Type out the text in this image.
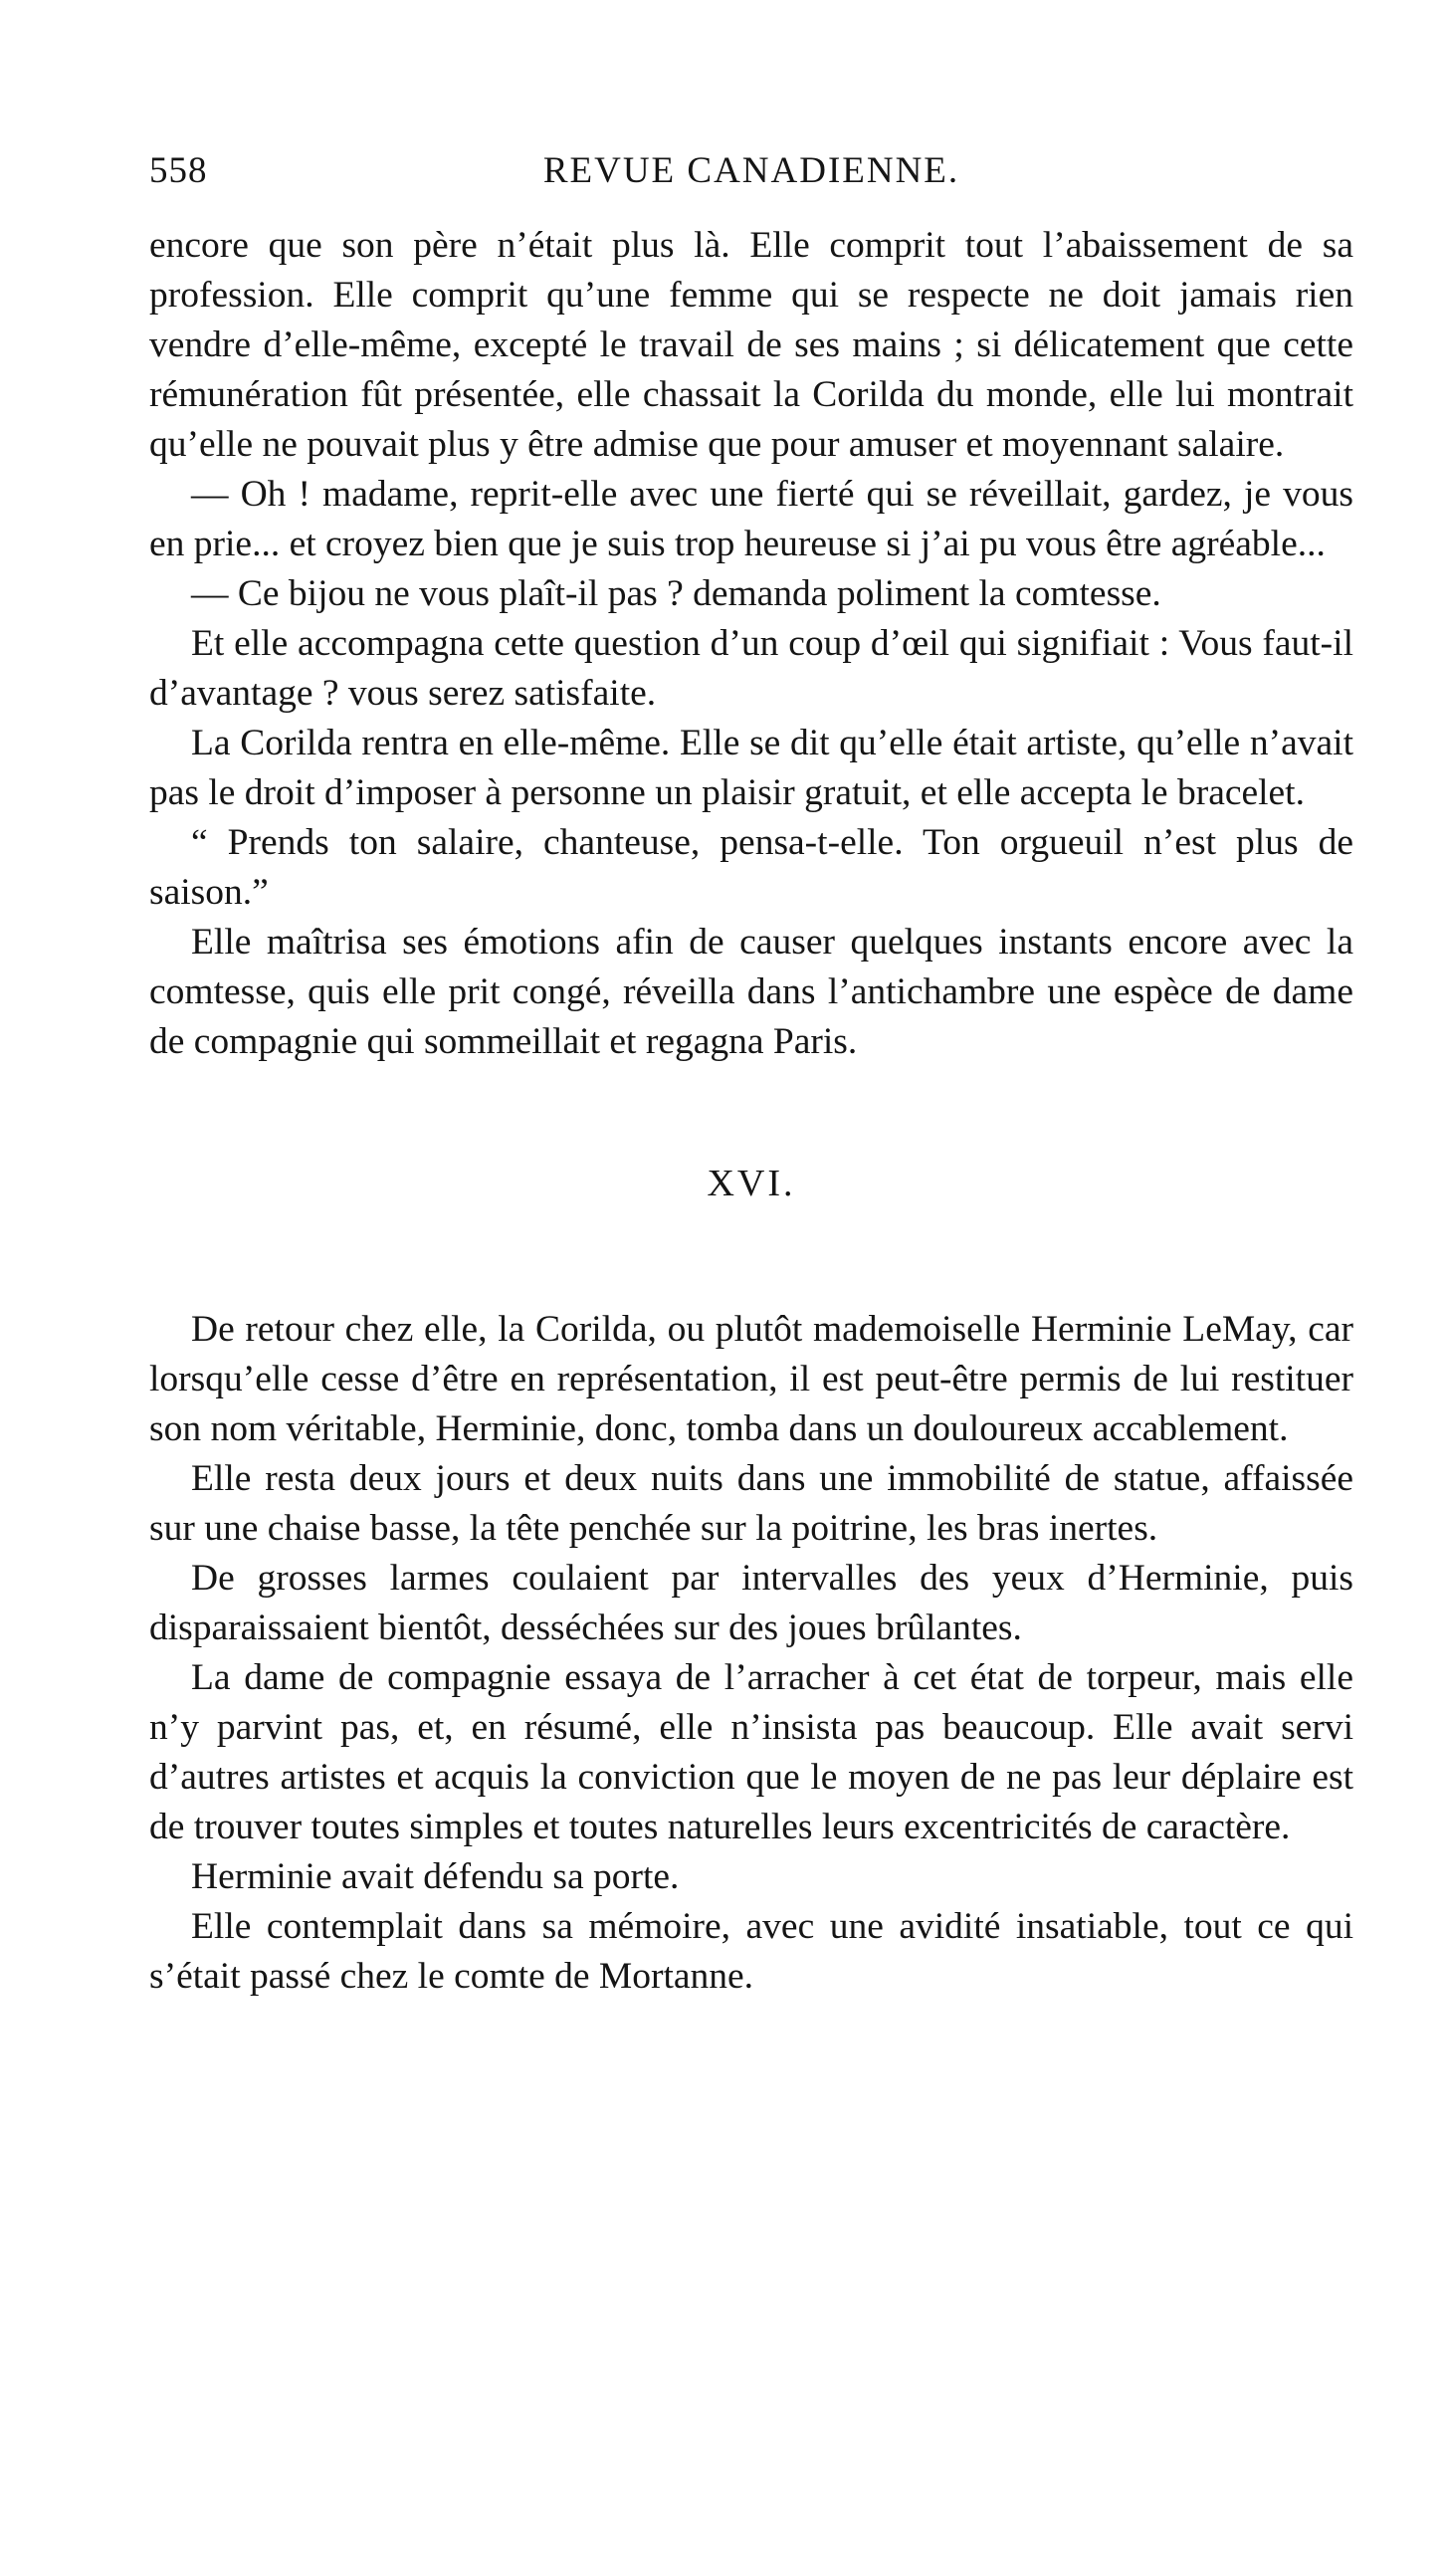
558	REVUE CANADIENNE.

encore que son père n’était plus là. Elle comprit tout l’abaissement de sa profession. Elle comprit qu’une femme qui se respecte ne doit jamais rien vendre d’elle-même, excepté le travail de ses mains ; si délicatement que cette rémunération fût présentée, elle chassait la Corilda du monde, elle lui montrait qu’elle ne pouvait plus y être admise que pour amuser et moyennant salaire.

— Oh ! madame, reprit-elle avec une fierté qui se réveillait, gardez, je vous en prie... et croyez bien que je suis trop heureuse si j’ai pu vous être agréable...

— Ce bijou ne vous plaît-il pas ? demanda poliment la comtesse.

Et elle accompagna cette question d’un coup d’œil qui signifiait : Vous faut-il d’avantage ? vous serez satisfaite.

La Corilda rentra en elle-même. Elle se dit qu’elle était artiste, qu’elle n’avait pas le droit d’imposer à personne un plaisir gratuit, et elle accepta le bracelet.

“ Prends ton salaire, chanteuse, pensa-t-elle. Ton orgueuil n’est plus de saison.”

Elle maîtrisa ses émotions afin de causer quelques instants encore avec la comtesse, quis elle prit congé, réveilla dans l’antichambre une espèce de dame de compagnie qui sommeillait et regagna Paris.

XVI.

De retour chez elle, la Corilda, ou plutôt mademoiselle Herminie LeMay, car lorsqu’elle cesse d’être en représentation, il est peut-être permis de lui restituer son nom véritable, Herminie, donc, tomba dans un douloureux accablement.

Elle resta deux jours et deux nuits dans une immobilité de statue, affaissée sur une chaise basse, la tête penchée sur la poitrine, les bras inertes.

De grosses larmes coulaient par intervalles des yeux d’Herminie, puis disparaissaient bientôt, desséchées sur des joues brûlantes.

La dame de compagnie essaya de l’arracher à cet état de torpeur, mais elle n’y parvint pas, et, en résumé, elle n’insista pas beaucoup. Elle avait servi d’autres artistes et acquis la conviction que le moyen de ne pas leur déplaire est de trouver toutes simples et toutes naturelles leurs excentricités de caractère.

Herminie avait défendu sa porte.

Elle contemplait dans sa mémoire, avec une avidité insatiable, tout ce qui s’était passé chez le comte de Mortanne.
